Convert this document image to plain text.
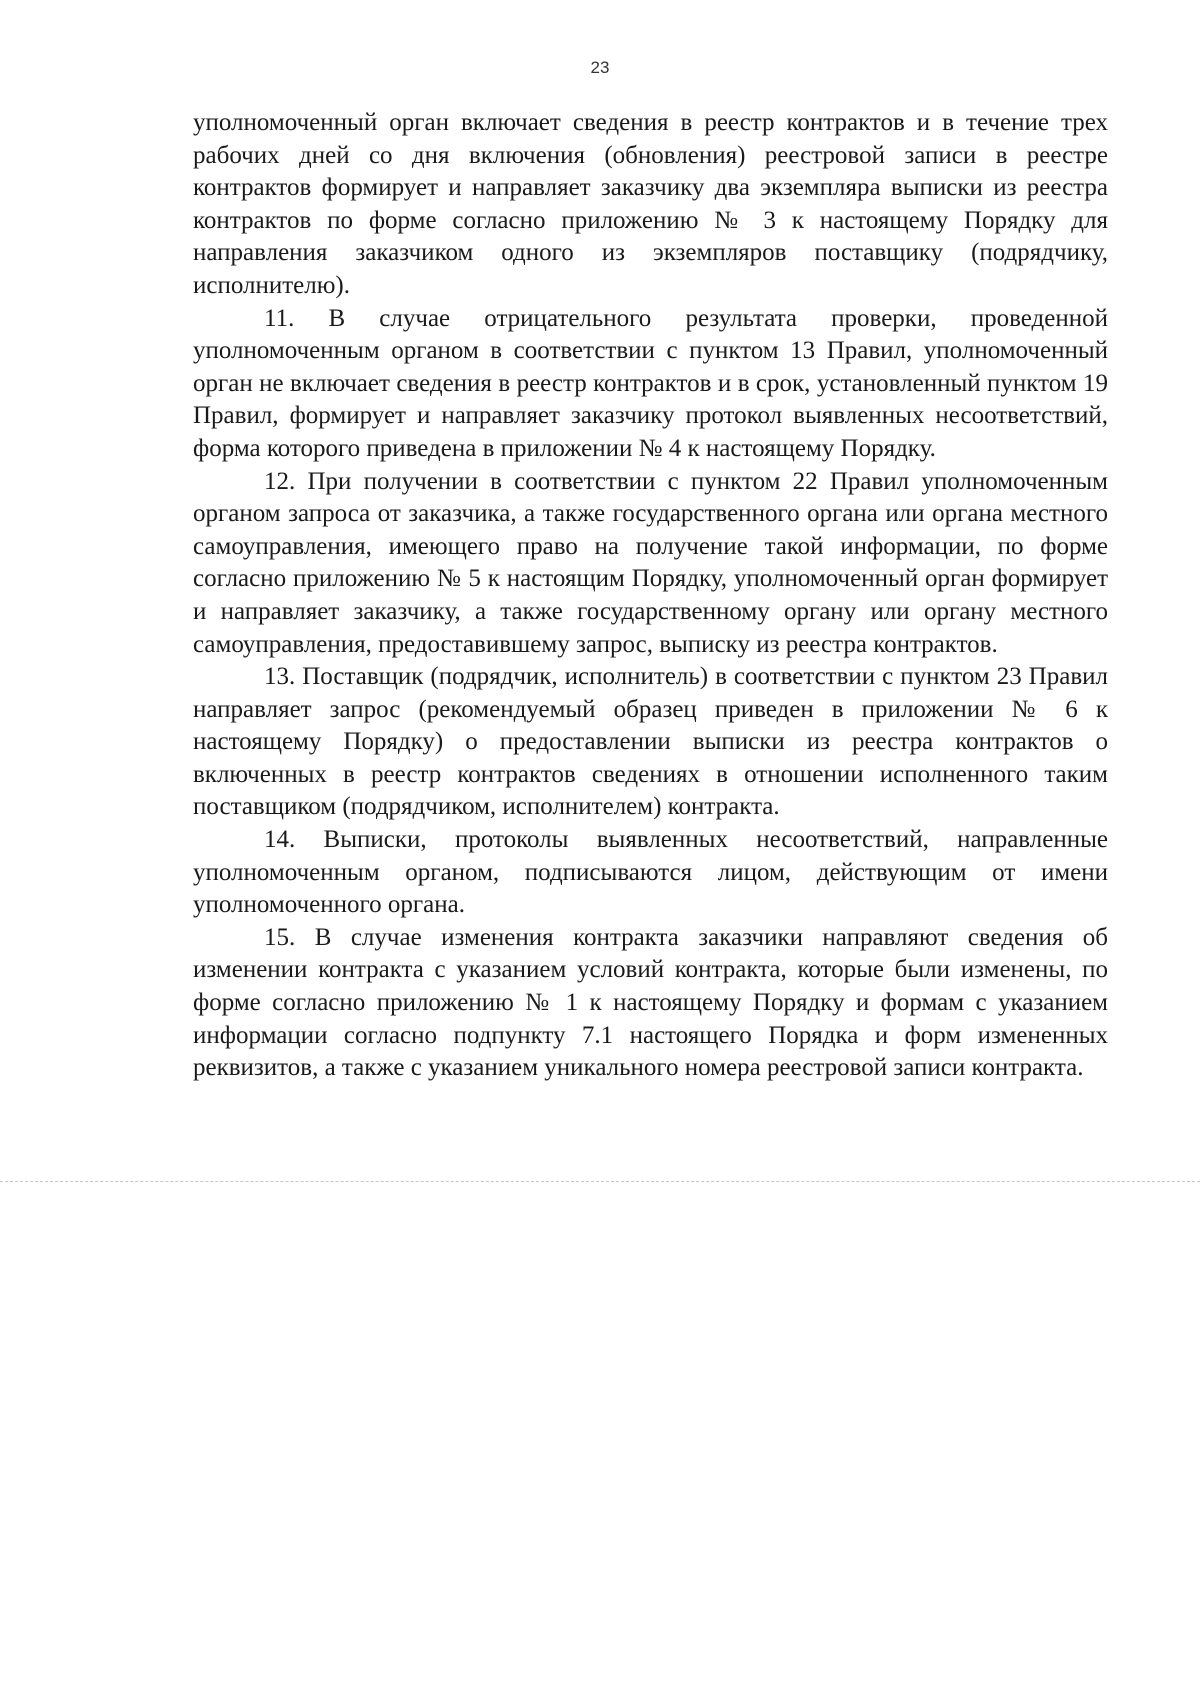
23

уполномоченный орган включает сведения в реестр контрактов и в течение трех рабочих дней со дня включения (обновления) реестровой записи в реестре контрактов формирует и направляет заказчику два экземпляра выписки из реестра контрактов по форме согласно приложению № 3 к настоящему Порядку для направления заказчиком одного из экземпляров поставщику (подрядчику, исполнителю).

11. В случае отрицательного результата проверки, проведенной уполномоченным органом в соответствии с пунктом 13 Правил, уполномоченный орган не включает сведения в реестр контрактов и в срок, установленный пунктом 19 Правил, формирует и направляет заказчику протокол выявленных несоответствий, форма которого приведена в приложении № 4 к настоящему Порядку.

12. При получении в соответствии с пунктом 22 Правил уполномоченным органом запроса от заказчика, а также государственного органа или органа местного самоуправления, имеющего право на получение такой информации, по форме согласно приложению № 5 к настоящим Порядку, уполномоченный орган формирует и направляет заказчику, а также государственному органу или органу местного самоуправления, предоставившему запрос, выписку из реестра контрактов.

13. Поставщик (подрядчик, исполнитель) в соответствии с пунктом 23 Правил направляет запрос (рекомендуемый образец приведен в приложении № 6 к настоящему Порядку) о предоставлении выписки из реестра контрактов о включенных в реестр контрактов сведениях в отношении исполненного таким поставщиком (подрядчиком, исполнителем) контракта.

14. Выписки, протоколы выявленных несоответствий, направленные уполномоченным органом, подписываются лицом, действующим от имени уполномоченного органа.

15. В случае изменения контракта заказчики направляют сведения об изменении контракта с указанием условий контракта, которые были изменены, по форме согласно приложению № 1 к настоящему Порядку и формам с указанием информации согласно подпункту 7.1 настоящего Порядка и форм измененных реквизитов, а также с указанием уникального номера реестровой записи контракта.
